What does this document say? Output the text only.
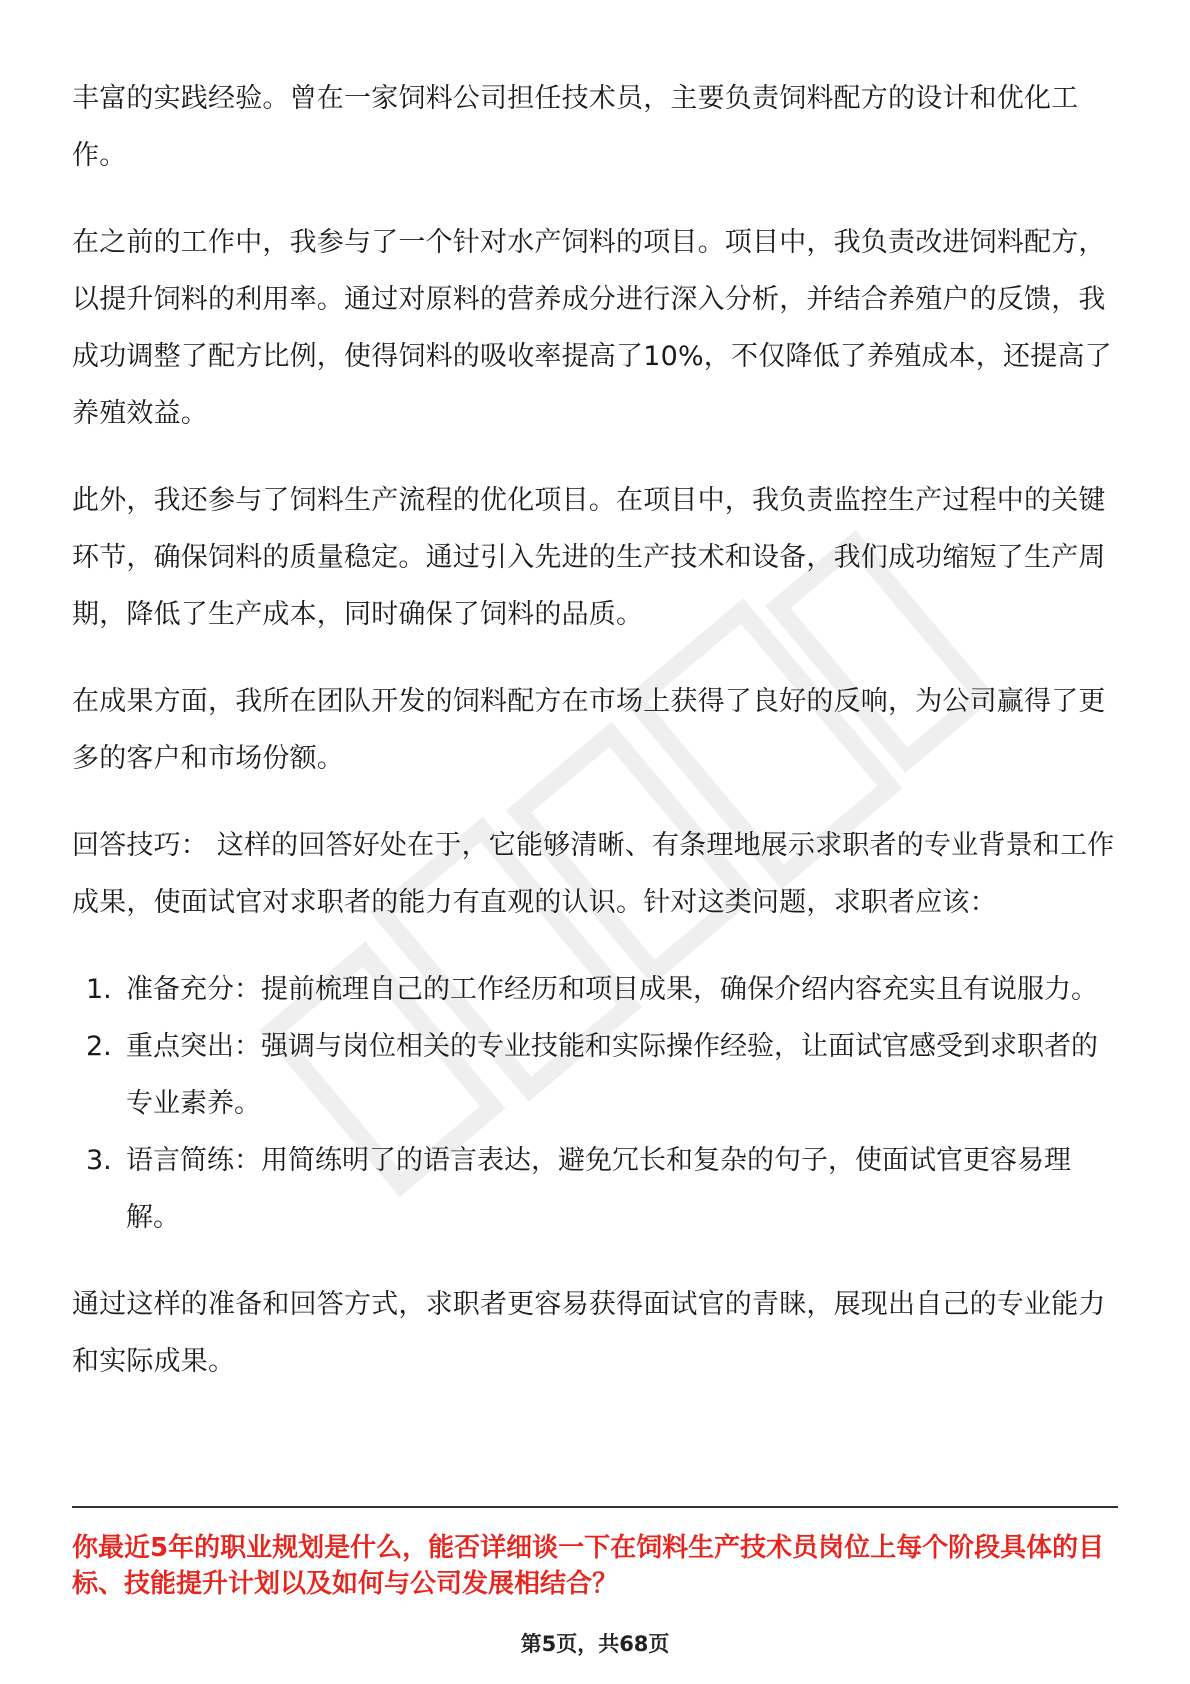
丰富的实践经验。曾在一家饲料公司担任技术员，主要负责饲料配方的设计和优化工作。

在之前的工作中，我参与了一个针对水产饲料的项目。项目中，我负责改进饲料配方，以提升饲料的利用率。通过对原料的营养成分进行深入分析，并结合养殖户的反馈，我成功调整了配方比例，使得饲料的吸收率提高了10%，不仅降低了养殖成本，还提高了养殖效益。

此外，我还参与了饲料生产流程的优化项目。在项目中，我负责监控生产过程中的关键环节，确保饲料的质量稳定。通过引入先进的生产技术和设备，我们成功缩短了生产周期，降低了生产成本，同时确保了饲料的品质。

在成果方面，我所在团队开发的饲料配方在市场上获得了良好的反响，为公司赢得了更多的客户和市场份额。

回答技巧： 这样的回答好处在于，它能够清晰、有条理地展示求职者的专业背景和工作成果，使面试官对求职者的能力有直观的认识。针对这类问题，求职者应该：

1. 准备充分：提前梳理自己的工作经历和项目成果，确保介绍内容充实且有说服力。
2. 重点突出：强调与岗位相关的专业技能和实际操作经验，让面试官感受到求职者的专业素养。
3. 语言简练：用简练明了的语言表达，避免冗长和复杂的句子，使面试官更容易理解。

通过这样的准备和回答方式，求职者更容易获得面试官的青睐，展现出自己的专业能力和实际成果。

你最近5年的职业规划是什么，能否详细谈一下在饲料生产技术员岗位上每个阶段具体的目标、技能提升计划以及如何与公司发展相结合？
第5页，共68页
